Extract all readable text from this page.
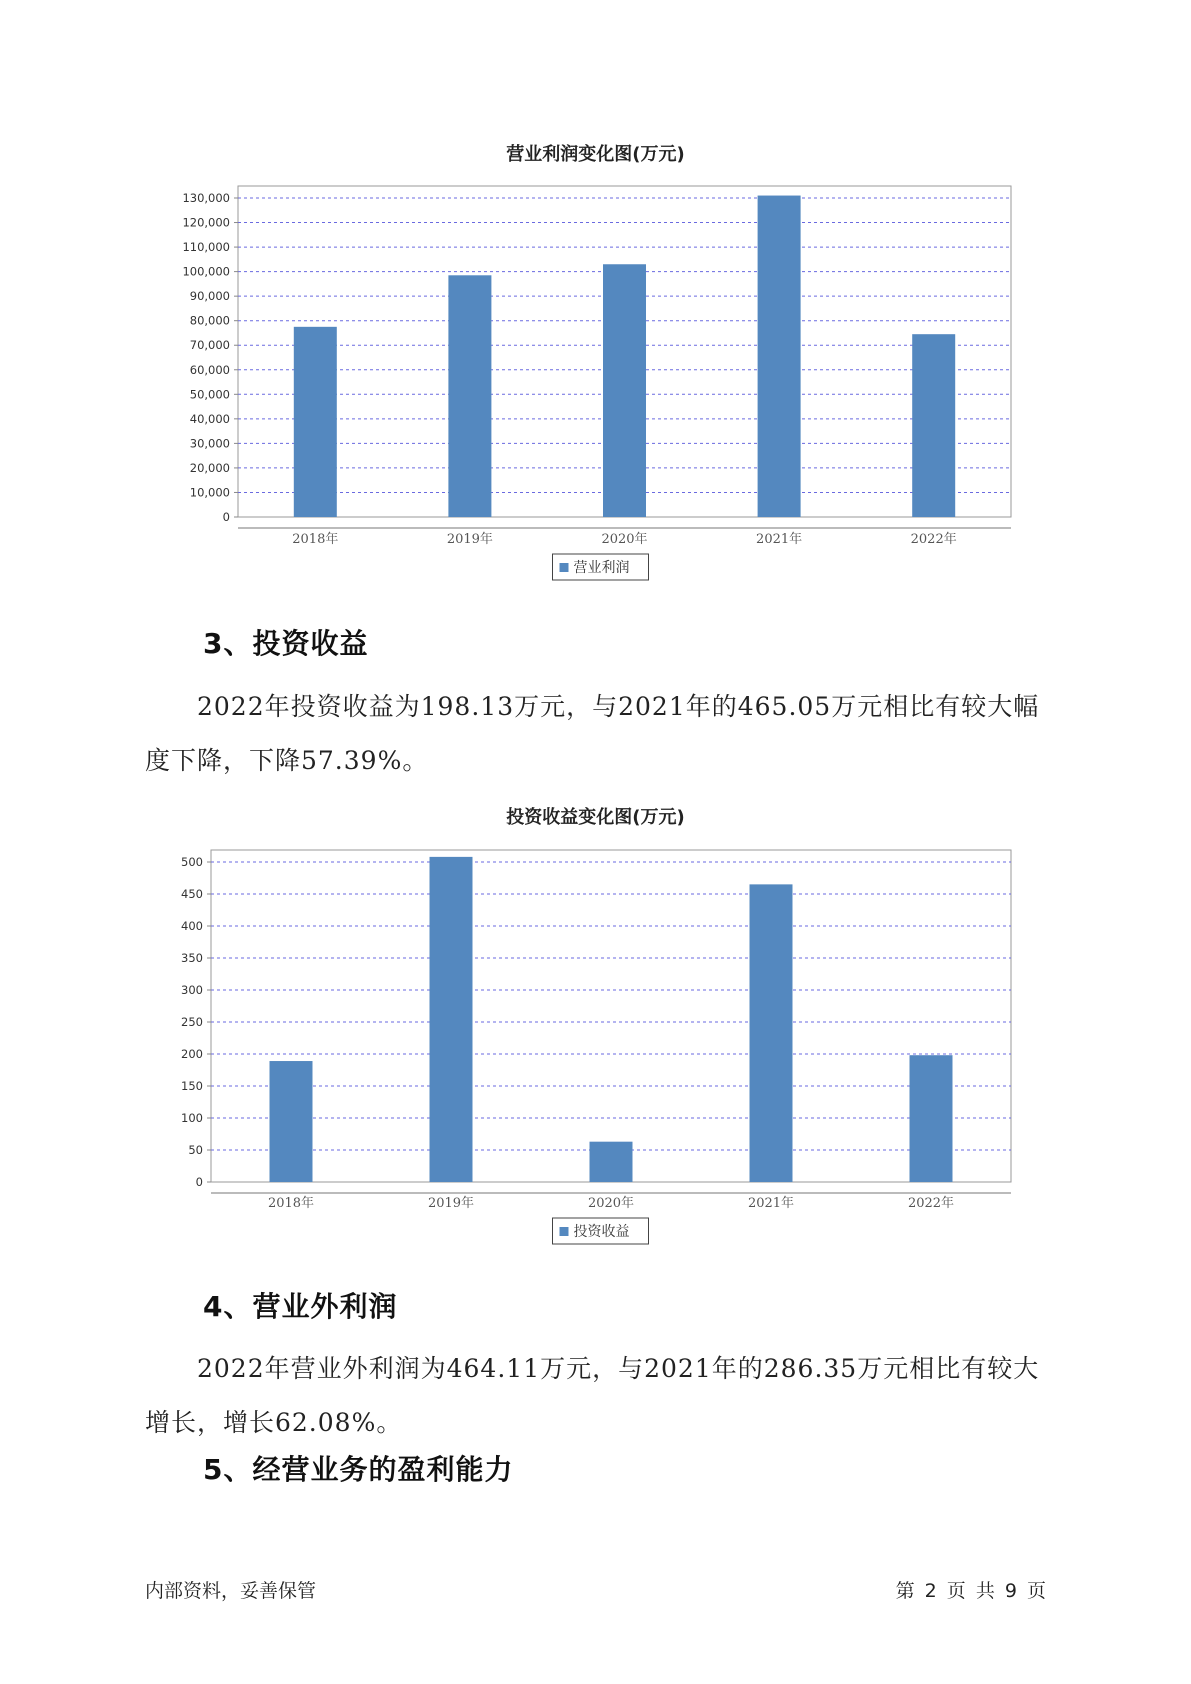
营业利润变化图(万元)
0
10,000
20,000
30,000
40,000
50,000
60,000
70,000
80,000
90,000
100,000
110,000
120,000
130,000
2018年	2019年	2020年	2021年	2022年
营业利润
3、投资收益

2022年投资收益为198.13万元，与2021年的465.05万元相比有较大幅度下降，下降57.39%。

投资收益变化图(万元)
0
50
100
150
200
250
300
350
400
450
500
2018年	2019年	2020年	2021年	2022年
投资收益
4、营业外利润

2022年营业外利润为464.11万元，与2021年的286.35万元相比有较大增长，增长62.08%。

5、经营业务的盈利能力
内部资料，妥善保管	第 2 页 共 9 页
